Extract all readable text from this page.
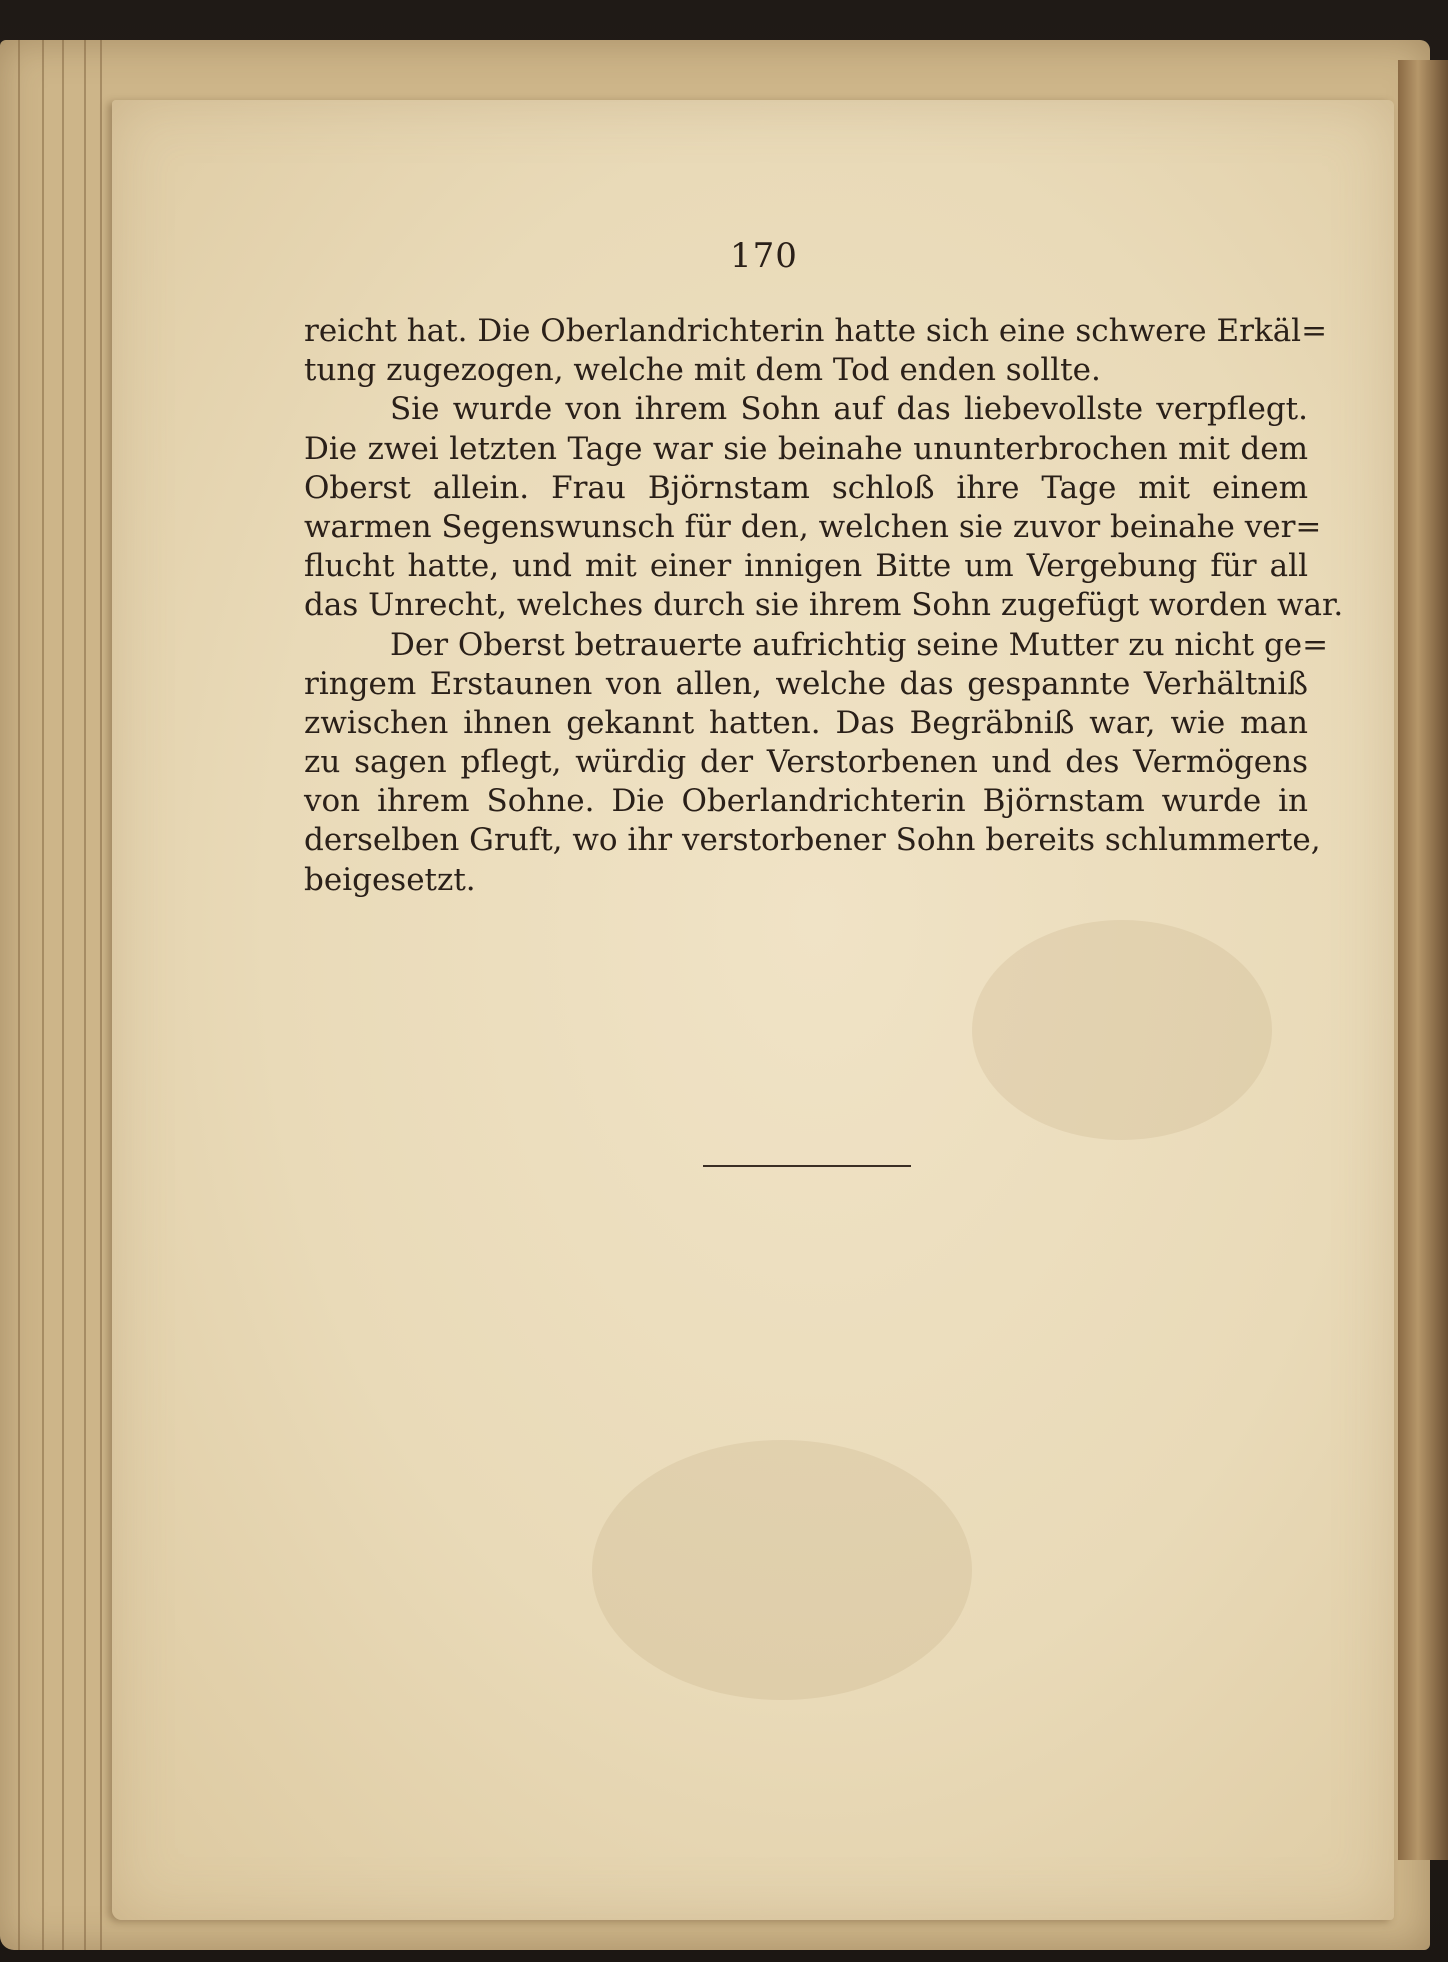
170
reicht hat. Die Oberlandrichterin hatte sich eine schwere Erkäl=
tung zugezogen, welche mit dem Tod enden sollte.
Sie wurde von ihrem Sohn auf das liebevollste verpflegt.
Die zwei letzten Tage war sie beinahe ununterbrochen mit dem
Oberst allein. Frau Björnstam schloß ihre Tage mit einem
warmen Segenswunsch für den, welchen sie zuvor beinahe ver=
flucht hatte, und mit einer innigen Bitte um Vergebung für all
das Unrecht, welches durch sie ihrem Sohn zugefügt worden war.
Der Oberst betrauerte aufrichtig seine Mutter zu nicht ge=
ringem Erstaunen von allen, welche das gespannte Verhältniß
zwischen ihnen gekannt hatten. Das Begräbniß war, wie man
zu sagen pflegt, würdig der Verstorbenen und des Vermögens
von ihrem Sohne. Die Oberlandrichterin Björnstam wurde in
derselben Gruft, wo ihr verstorbener Sohn bereits schlummerte,
beigesetzt.
